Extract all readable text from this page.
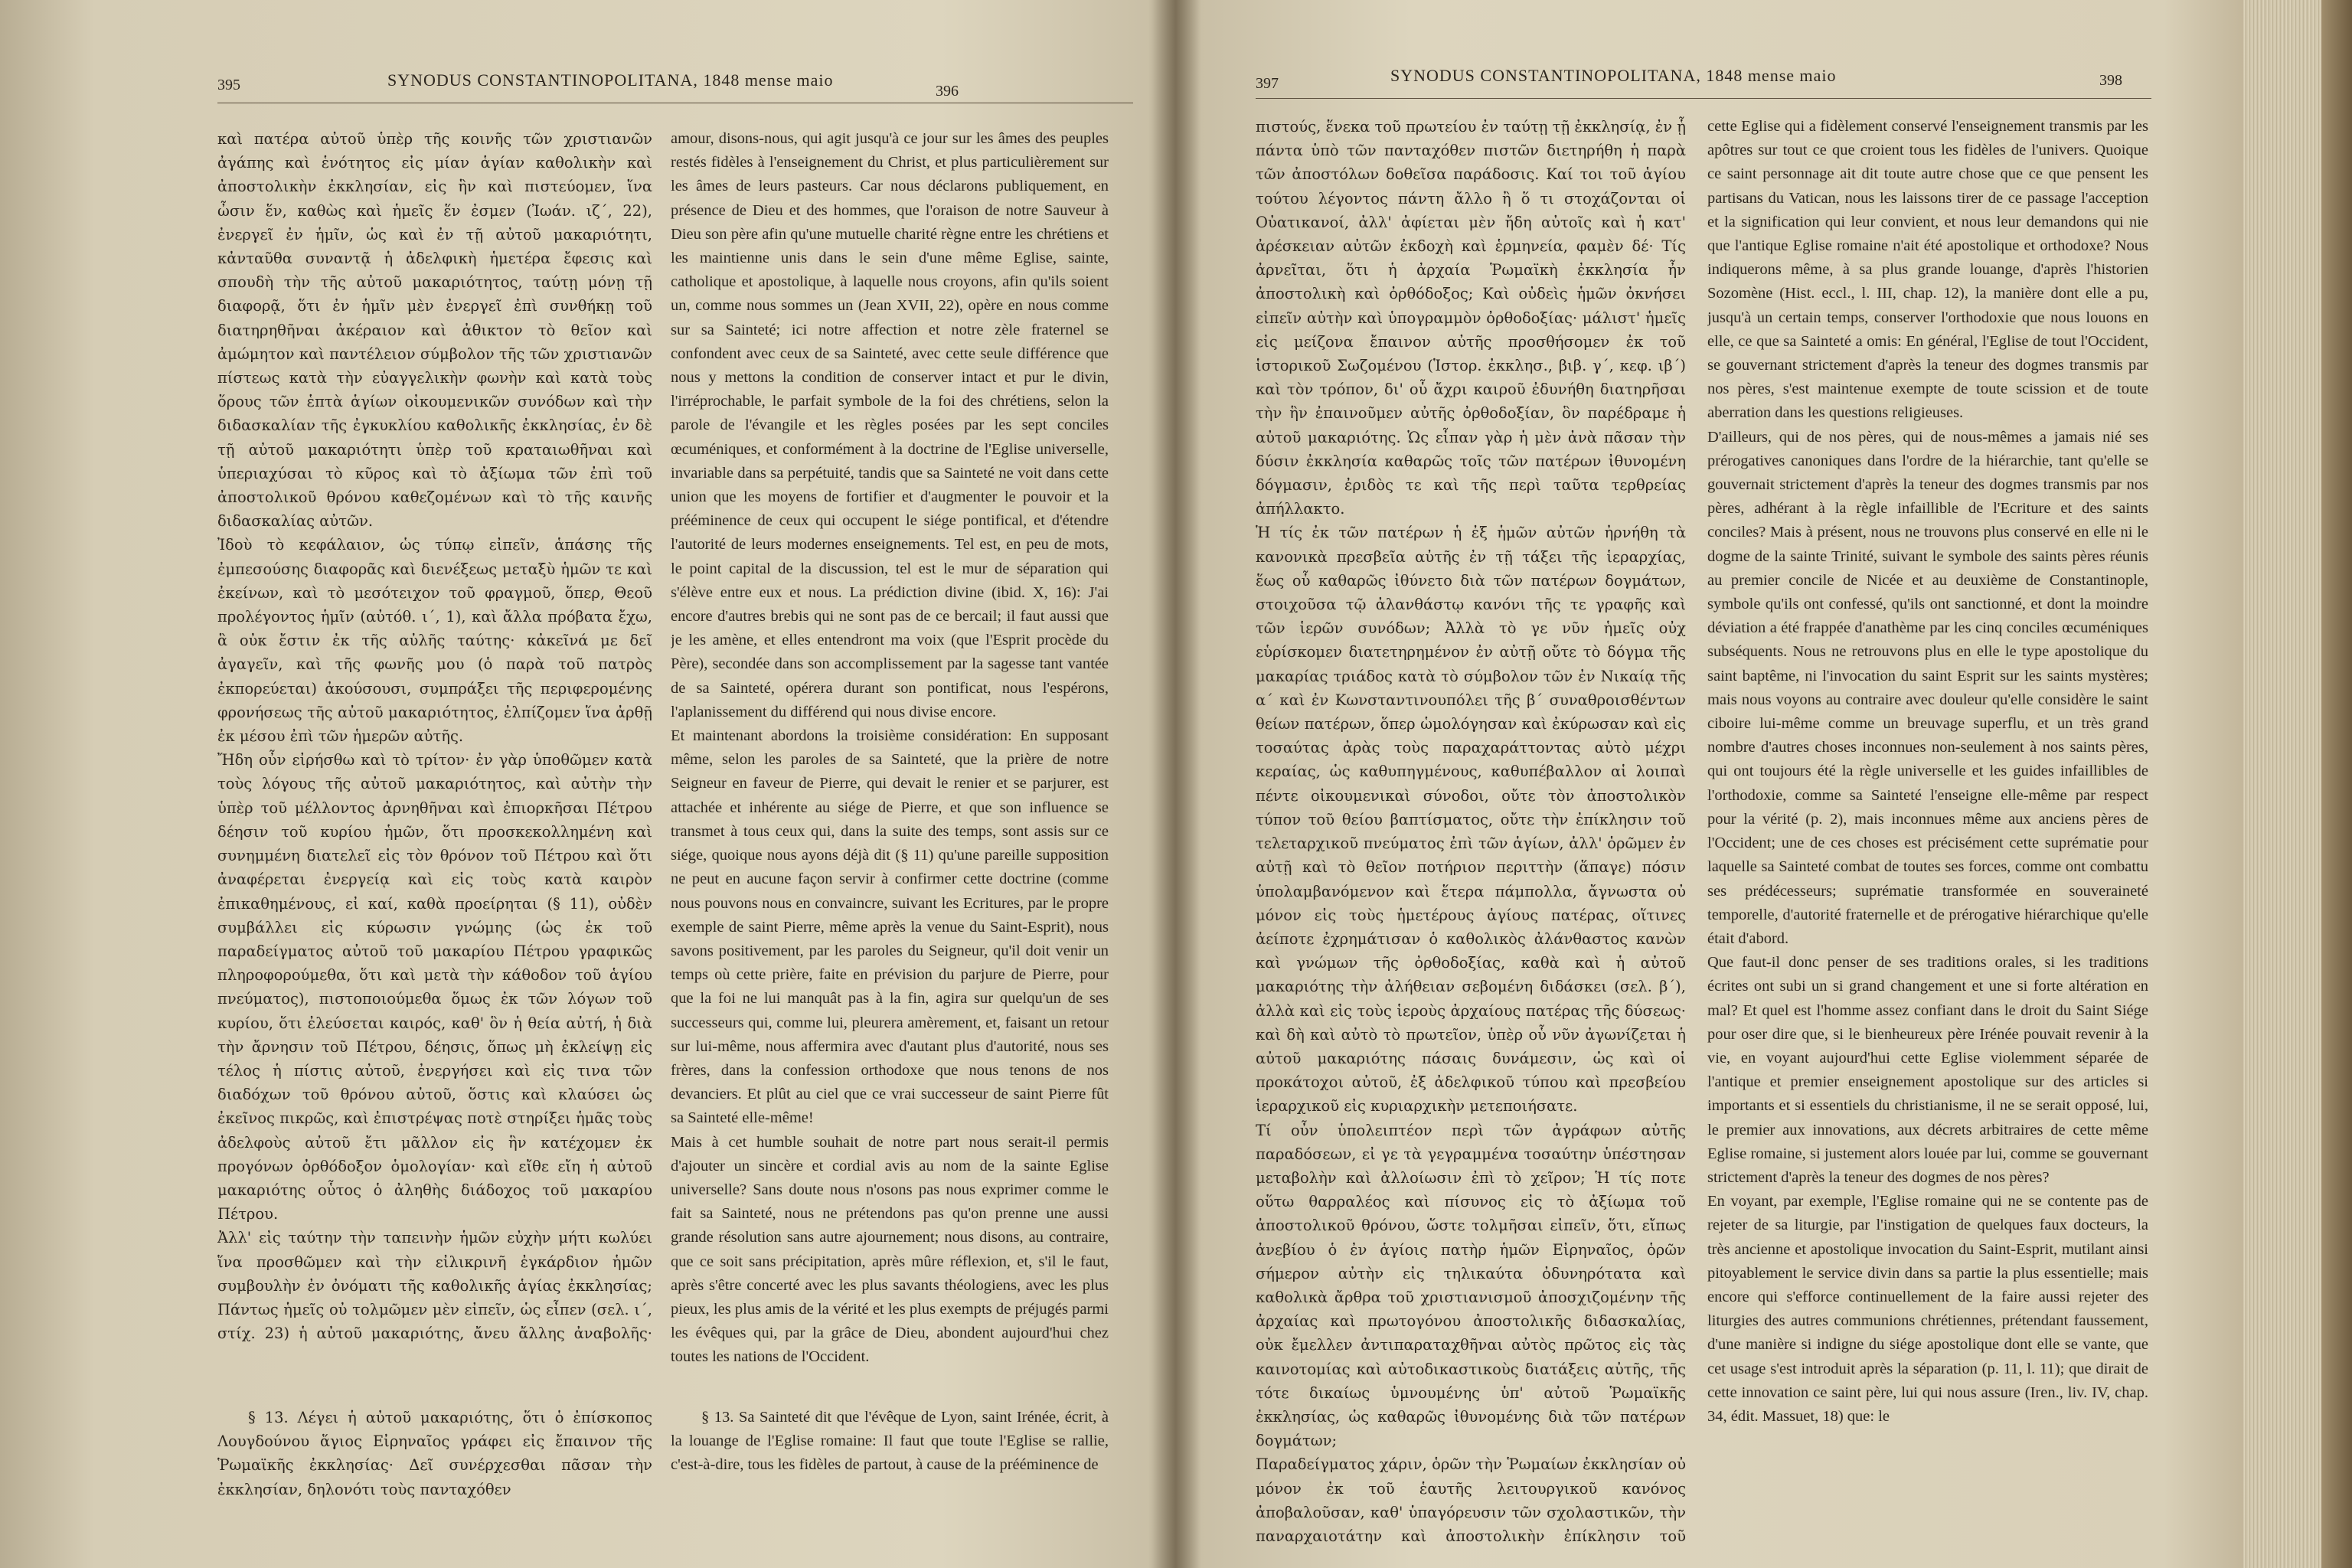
395	SYNODUS CONSTANTINOPOLITANA, 1848 mense maio
396

καὶ πατέρα αὐτοῦ ὑπὲρ τῆς κοινῆς τῶν χριστιανῶν ἀγάπης καὶ ἑνότητος εἰς μίαν ἁγίαν καθολικὴν καὶ ἀποστολικὴν ἐκκλησίαν, εἰς ἣν καὶ πιστεύομεν, ἵνα ὦσιν ἕν, καθὼς καὶ ἡμεῖς ἕν ἐσμεν (Ἰωάν. ιζ΄, 22), ἐνεργεῖ ἐν ἡμῖν, ὡς καὶ ἐν τῇ αὐτοῦ μακαριότητι, κἀνταῦθα συναντᾷ ἡ ἀδελφικὴ ἡμετέρα ἔφεσις καὶ σπουδὴ τὴν τῆς αὐτοῦ μακαριότητος, ταύτῃ μόνῃ τῇ διαφορᾷ, ὅτι ἐν ἡμῖν μὲν ἐνεργεῖ ἐπὶ συνθήκῃ τοῦ διατηρηθῆναι ἀκέραιον καὶ ἀθικτον τὸ θεῖον καὶ ἀμώμητον καὶ παντέλειον σύμβολον τῆς τῶν χριστιανῶν πίστεως κατὰ τὴν εὐαγγελικὴν φωνὴν καὶ κατὰ τοὺς ὅρους τῶν ἑπτὰ ἁγίων οἰκουμενικῶν συνόδων καὶ τὴν διδασκαλίαν τῆς ἐγκυκλίου καθολικῆς ἐκκλησίας, ἐν δὲ τῇ αὐτοῦ μακαριότητι ὑπὲρ τοῦ κραταιωθῆναι καὶ ὑπεριαχύσαι τὸ κῦρος καὶ τὸ ἀξίωμα τῶν ἐπὶ τοῦ ἀποστολικοῦ θρόνου καθεζομένων καὶ τὸ τῆς καινῆς διδασκαλίας αὐτῶν.

Ἰδοὺ τὸ κεφάλαιον, ὡς τύπῳ εἰπεῖν, ἁπάσης τῆς ἐμπεσούσης διαφορᾶς καὶ διενέξεως μεταξὺ ἡμῶν τε καὶ ἐκείνων, καὶ τὸ μεσότειχον τοῦ φραγμοῦ, ὅπερ, Θεοῦ προλέγοντος ἡμῖν (αὐτόθ. ι΄, 1), καὶ ἄλλα πρόβατα ἔχω, ἃ οὐκ ἔστιν ἐκ τῆς αὐλῆς ταύτης· κἀκεῖνά με δεῖ ἀγαγεῖν, καὶ τῆς φωνῆς μου (ὁ παρὰ τοῦ πατρὸς ἐκπορεύεται) ἀκούσουσι, συμπράξει τῆς περιφερομένης φρονήσεως τῆς αὐτοῦ μακαριότητος, ἐλπίζομεν ἵνα ἀρθῇ ἐκ μέσου ἐπὶ τῶν ἡμερῶν αὐτῆς.

Ἤδη οὖν εἰρήσθω καὶ τὸ τρίτον· ἐν γὰρ ὑποθῶμεν κατὰ τοὺς λόγους τῆς αὐτοῦ μακαριότητος, καὶ αὐτὴν τὴν ὑπὲρ τοῦ μέλλοντος ἀρνηθῆναι καὶ ἐπιορκῆσαι Πέτρου δέησιν τοῦ κυρίου ἡμῶν, ὅτι προσκεκολλημένη καὶ συνημμένη διατελεῖ εἰς τὸν θρόνον τοῦ Πέτρου καὶ ὅτι ἀναφέρεται ἐνεργείᾳ καὶ εἰς τοὺς κατὰ καιρὸν ἐπικαθημένους, εἰ καί, καθὰ προείρηται (§ 11), οὐδὲν συμβάλλει εἰς κύρωσιν γνώμης (ὡς ἐκ τοῦ παραδείγματος αὐτοῦ τοῦ μακαρίου Πέτρου γραφικῶς πληροφορούμεθα, ὅτι καὶ μετὰ τὴν κάθοδον τοῦ ἁγίου πνεύματος), πιστοποιούμεθα ὅμως ἐκ τῶν λόγων τοῦ κυρίου, ὅτι ἐλεύσεται καιρός, καθ' ὃν ἡ θεία αὐτή, ἡ διὰ τὴν ἄρνησιν τοῦ Πέτρου, δέησις, ὅπως μὴ ἐκλείψῃ εἰς τέλος ἡ πίστις αὐτοῦ, ἐνεργήσει καὶ εἰς τινα τῶν διαδόχων τοῦ θρόνου αὐτοῦ, ὅστις καὶ κλαύσει ὡς ἐκεῖνος πικρῶς, καὶ ἐπιστρέψας ποτὲ στηρίξει ἡμᾶς τοὺς ἀδελφοὺς αὐτοῦ ἔτι μᾶλλον εἰς ἣν κατέχομεν ἐκ προγόνων ὀρθόδοξον ὁμολογίαν· καὶ εἴθε εἴη ἡ αὐτοῦ μακαριότης οὗτος ὁ ἀληθὴς διάδοχος τοῦ μακαρίου Πέτρου.

Ἀλλ' εἰς ταύτην τὴν ταπεινὴν ἡμῶν εὐχὴν μήτι κωλύει ἵνα προσθῶμεν καὶ τὴν εἰλικρινῆ ἐγκάρδιον ἡμῶν συμβουλὴν ἐν ὀνόματι τῆς καθολικῆς ἁγίας ἐκκλησίας; Πάντως ἡμεῖς οὐ τολμῶμεν μὲν εἰπεῖν, ὡς εἶπεν (σελ. ι΄, στίχ. 23) ἡ αὐτοῦ μακαριότης, ἄνευ ἄλλης ἀναβολῆς·

amour, disons-nous, qui agit jusqu'à ce jour sur les âmes des peuples restés fidèles à l'enseignement du Christ, et plus particulièrement sur les âmes de leurs pasteurs. Car nous déclarons publiquement, en présence de Dieu et des hommes, que l'oraison de notre Sauveur à Dieu son père afin qu'une mutuelle charité règne entre les chrétiens et les maintienne unis dans le sein d'une même Eglise, sainte, catholique et apostolique, à laquelle nous croyons, afin qu'ils soient un, comme nous sommes un (Jean XVII, 22), opère en nous comme sur sa Sainteté; ici notre affection et notre zèle fraternel se confondent avec ceux de sa Sainteté, avec cette seule différence que nous y mettons la condition de conserver intact et pur le divin, l'irréprochable, le parfait symbole de la foi des chrétiens, selon la parole de l'évangile et les règles posées par les sept conciles œcuméniques, et conformément à la doctrine de l'Eglise universelle, invariable dans sa perpétuité, tandis que sa Sainteté ne voit dans cette union que les moyens de fortifier et d'augmenter le pouvoir et la prééminence de ceux qui occupent le siége pontifical, et d'étendre l'autorité de leurs modernes enseignements. Tel est, en peu de mots, le point capital de la discussion, tel est le mur de séparation qui s'élève entre eux et nous. La prédiction divine (ibid. X, 16): J'ai encore d'autres brebis qui ne sont pas de ce bercail; il faut aussi que je les amène, et elles entendront ma voix (que l'Esprit procède du Père), secondée dans son accomplissement par la sagesse tant vantée de sa Sainteté, opérera durant son pontificat, nous l'espérons, l'aplanissement du différend qui nous divise encore.

Et maintenant abordons la troisième considération: En supposant même, selon les paroles de sa Sainteté, que la prière de notre Seigneur en faveur de Pierre, qui devait le renier et se parjurer, est attachée et inhérente au siége de Pierre, et que son influence se transmet à tous ceux qui, dans la suite des temps, sont assis sur ce siége, quoique nous ayons déjà dit (§ 11) qu'une pareille supposition ne peut en aucune façon servir à confirmer cette doctrine (comme nous pouvons nous en convaincre, suivant les Ecritures, par le propre exemple de saint Pierre, même après la venue du Saint-Esprit), nous savons positivement, par les paroles du Seigneur, qu'il doit venir un temps où cette prière, faite en prévision du parjure de Pierre, pour que la foi ne lui manquât pas à la fin, agira sur quelqu'un de ses successeurs qui, comme lui, pleurera amèrement, et, faisant un retour sur lui-même, nous affermira avec d'autant plus d'autorité, nous ses frères, dans la confession orthodoxe que nous tenons de nos devanciers. Et plût au ciel que ce vrai successeur de saint Pierre fût sa Sainteté elle-même!

Mais à cet humble souhait de notre part nous serait-il permis d'ajouter un sincère et cordial avis au nom de la sainte Eglise universelle? Sans doute nous n'osons pas nous exprimer comme le fait sa Sainteté, nous ne prétendons pas qu'on prenne une aussi grande résolution sans autre ajournement; nous disons, au contraire, que ce soit sans précipitation, après mûre réflexion, et, s'il le faut, après s'être concerté avec les plus savants théologiens, avec les plus pieux, les plus amis de la vérité et les plus exempts de préjugés parmi les évêques qui, par la grâce de Dieu, abondent aujourd'hui chez toutes les nations de l'Occident.

§ 13. Λέγει ἡ αὐτοῦ μακαριότης, ὅτι ὁ ἐπίσκοπος Λουγδούνου ἅγιος Εἰρηναῖος γράφει εἰς ἔπαινον τῆς Ῥωμαϊκῆς ἐκκλησίας· Δεῖ συνέρχεσθαι πᾶσαν τὴν ἐκκλησίαν, δηλονότι τοὺς πανταχόθεν

§ 13. Sa Sainteté dit que l'évêque de Lyon, saint Irénée, écrit, à la louange de l'Eglise romaine: Il faut que toute l'Eglise se rallie, c'est-à-dire, tous les fidèles de partout, à cause de la prééminence de

397	SYNODUS CONSTANTINOPOLITANA, 1848 mense maio	398

πιστούς, ἕνεκα τοῦ πρωτείου ἐν ταύτῃ τῇ ἐκκλησίᾳ, ἐν ᾗ πάντα ὑπὸ τῶν πανταχόθεν πιστῶν διετηρήθη ἡ παρὰ τῶν ἀποστόλων δοθεῖσα παράδοσις. Καί τοι τοῦ ἁγίου τούτου λέγοντος πάντη ἄλλο ἢ ὅ τι στοχάζονται οἱ Οὐατικανοί, ἀλλ' ἀφίεται μὲν ἤδη αὐτοῖς καὶ ἡ κατ' ἀρέσκειαν αὐτῶν ἐκδοχὴ καὶ ἑρμηνεία, φαμὲν δέ· Τίς ἀρνεῖται, ὅτι ἡ ἀρχαία Ῥωμαϊκὴ ἐκκλησία ἦν ἀποστολικὴ καὶ ὀρθόδοξος; Καὶ οὐδεὶς ἡμῶν ὀκνήσει εἰπεῖν αὐτὴν καὶ ὑπογραμμὸν ὀρθοδοξίας· μάλιστ' ἡμεῖς εἰς μείζονα ἔπαινον αὐτῆς προσθήσομεν ἐκ τοῦ ἱστορικοῦ Σωζομένου (Ἱστορ. ἐκκλησ., βιβ. γ΄, κεφ. ιβ΄) καὶ τὸν τρόπον, δι' οὗ ἄχρι καιροῦ ἐδυνήθη διατηρῆσαι τὴν ἣν ἐπαινοῦμεν αὐτῆς ὀρθοδοξίαν, ὃν παρέδραμε ἡ αὐτοῦ μακαριότης. Ὡς εἶπαν γὰρ ἡ μὲν ἀνὰ πᾶσαν τὴν δύσιν ἐκκλησία καθαρῶς τοῖς τῶν πατέρων ἰθυνομένη δόγμασιν, ἐριδὸς τε καὶ τῆς περὶ ταῦτα τερθρείας ἀπήλλακτο.

Ἡ τίς ἐκ τῶν πατέρων ἡ ἐξ ἡμῶν αὐτῶν ἠρνήθη τὰ κανονικὰ πρεσβεῖα αὐτῆς ἐν τῇ τάξει τῆς ἱεραρχίας, ἕως οὗ καθαρῶς ἰθύνετο διὰ τῶν πατέρων δογμάτων, στοιχοῦσα τῷ ἀλανθάστῳ κανόνι τῆς τε γραφῆς καὶ τῶν ἱερῶν συνόδων; Ἀλλὰ τὸ γε νῦν ἡμεῖς οὐχ εὑρίσκομεν διατετηρημένον ἐν αὐτῇ οὔτε τὸ δόγμα τῆς μακαρίας τριάδος κατὰ τὸ σύμβολον τῶν ἐν Νικαίᾳ τῆς α΄ καὶ ἐν Κωνσταντινουπόλει τῆς β΄ συναθροισθέντων θείων πατέρων, ὅπερ ὡμολόγησαν καὶ ἐκύρωσαν καὶ εἰς τοσαύτας ἀρὰς τοὺς παραχαράττοντας αὐτὸ μέχρι κεραίας, ὡς καθυπηγμένους, καθυπέβαλλον αἱ λοιπαὶ πέντε οἰκουμενικαὶ σύνοδοι, οὔτε τὸν ἀποστολικὸν τύπον τοῦ θείου βαπτίσματος, οὔτε τὴν ἐπίκλησιν τοῦ τελεταρχικοῦ πνεύματος ἐπὶ τῶν ἁγίων, ἀλλ' ὁρῶμεν ἐν αὐτῇ καὶ τὸ θεῖον ποτήριον περιττὴν (ἅπαγε) πόσιν ὑπολαμβανόμενον καὶ ἕτερα πάμπολλα, ἄγνωστα οὐ μόνον εἰς τοὺς ἡμετέρους ἁγίους πατέρας, οἵτινες ἀείποτε ἐχρημάτισαν ὁ καθολικὸς ἀλάνθαστος κανὼν καὶ γνώμων τῆς ὀρθοδοξίας, καθὰ καὶ ἡ αὐτοῦ μακαριότης τὴν ἀλήθειαν σεβομένη διδάσκει (σελ. β΄), ἀλλὰ καὶ εἰς τοὺς ἱεροὺς ἀρχαίους πατέρας τῆς δύσεως· καὶ δὴ καὶ αὐτὸ τὸ πρωτεῖον, ὑπὲρ οὗ νῦν ἀγωνίζεται ἡ αὐτοῦ μακαριότης πάσαις δυνάμεσιν, ὡς καὶ οἱ προκάτοχοι αὐτοῦ, ἐξ ἀδελφικοῦ τύπου καὶ πρεσβείου ἱεραρχικοῦ εἰς κυριαρχικὴν μετεποιήσατε.

Τί οὖν ὑπολειπτέον περὶ τῶν ἀγράφων αὐτῆς παραδόσεων, εἰ γε τὰ γεγραμμένα τοσαύτην ὑπέστησαν μεταβολὴν καὶ ἀλλοίωσιν ἐπὶ τὸ χεῖρον; Ἡ τίς ποτε οὕτω θαρραλέος καὶ πίσυνος εἰς τὸ ἀξίωμα τοῦ ἀποστολικοῦ θρόνου, ὥστε τολμῆσαι εἰπεῖν, ὅτι, εἴπως ἀνεβίου ὁ ἐν ἁγίοις πατὴρ ἡμῶν Εἰρηναῖος, ὁρῶν σήμερον αὐτὴν εἰς τηλικαύτα ὀδυνηρότατα καὶ καθολικὰ ἄρθρα τοῦ χριστιανισμοῦ ἀποσχιζομένην τῆς ἀρχαίας καὶ πρωτογόνου ἀποστολικῆς διδασκαλίας, οὐκ ἔμελλεν ἀντιπαραταχθῆναι αὐτὸς πρῶτος εἰς τὰς καινοτομίας καὶ αὐτοδικαστικοὺς διατάξεις αὐτῆς, τῆς τότε δικαίως ὑμνουμένης ὑπ' αὐτοῦ Ῥωμαϊκῆς ἐκκλησίας, ὡς καθαρῶς ἰθυνομένης διὰ τῶν πατέρων δογμάτων;

Παραδείγματος χάριν, ὁρῶν τὴν Ῥωμαίων ἐκκλησίαν οὐ μόνον ἐκ τοῦ ἑαυτῆς λειτουργικοῦ κανόνος ἀποβαλοῦσαν, καθ' ὑπαγόρευσιν τῶν σχολαστικῶν, τὴν παναρχαιοτάτην καὶ ἀποστολικὴν ἐπίκλησιν τοῦ

cette Eglise qui a fidèlement conservé l'enseignement transmis par les apôtres sur tout ce que croient tous les fidèles de l'univers. Quoique ce saint personnage ait dit toute autre chose que ce que pensent les partisans du Vatican, nous les laissons tirer de ce passage l'acception et la signification qui leur convient, et nous leur demandons qui nie que l'antique Eglise romaine n'ait été apostolique et orthodoxe? Nous indiquerons même, à sa plus grande louange, d'après l'historien Sozomène (Hist. eccl., l. III, chap. 12), la manière dont elle a pu, jusqu'à un certain temps, conserver l'orthodoxie que nous louons en elle, ce que sa Sainteté a omis: En général, l'Eglise de tout l'Occident, se gouvernant strictement d'après la teneur des dogmes transmis par nos pères, s'est maintenue exempte de toute scission et de toute aberration dans les questions religieuses.

D'ailleurs, qui de nos pères, qui de nous-mêmes a jamais nié ses prérogatives canoniques dans l'ordre de la hiérarchie, tant qu'elle se gouvernait strictement d'après la teneur des dogmes transmis par nos pères, adhérant à la règle infaillible de l'Ecriture et des saints conciles? Mais à présent, nous ne trouvons plus conservé en elle ni le dogme de la sainte Trinité, suivant le symbole des saints pères réunis au premier concile de Nicée et au deuxième de Constantinople, symbole qu'ils ont confessé, qu'ils ont sanctionné, et dont la moindre déviation a été frappée d'anathème par les cinq conciles œcuméniques subséquents. Nous ne retrouvons plus en elle le type apostolique du saint baptême, ni l'invocation du saint Esprit sur les saints mystères; mais nous voyons au contraire avec douleur qu'elle considère le saint ciboire lui-même comme un breuvage superflu, et un très grand nombre d'autres choses inconnues non-seulement à nos saints pères, qui ont toujours été la règle universelle et les guides infaillibles de l'orthodoxie, comme sa Sainteté l'enseigne elle-même par respect pour la vérité (p. 2), mais inconnues même aux anciens pères de l'Occident; une de ces choses est précisément cette suprématie pour laquelle sa Sainteté combat de toutes ses forces, comme ont combattu ses prédécesseurs; suprématie transformée en souveraineté temporelle, d'autorité fraternelle et de prérogative hiérarchique qu'elle était d'abord.

Que faut-il donc penser de ses traditions orales, si les traditions écrites ont subi un si grand changement et une si forte altération en mal? Et quel est l'homme assez confiant dans le droit du Saint Siége pour oser dire que, si le bienheureux père Irénée pouvait revenir à la vie, en voyant aujourd'hui cette Eglise violemment séparée de l'antique et premier enseignement apostolique sur des articles si importants et si essentiels du christianisme, il ne se serait opposé, lui, le premier aux innovations, aux décrets arbitraires de cette même Eglise romaine, si justement alors louée par lui, comme se gouvernant strictement d'après la teneur des dogmes de nos pères?

En voyant, par exemple, l'Eglise romaine qui ne se contente pas de rejeter de sa liturgie, par l'instigation de quelques faux docteurs, la très ancienne et apostolique invocation du Saint-Esprit, mutilant ainsi pitoyablement le service divin dans sa partie la plus essentielle; mais encore qui s'efforce continuellement de la faire aussi rejeter des liturgies des autres communions chrétiennes, prétendant faussement, d'une manière si indigne du siége apostolique dont elle se vante, que cet usage s'est introduit après la séparation (p. 11, l. 11); que dirait de cette innovation ce saint père, lui qui nous assure (Iren., liv. IV, chap. 34, édit. Massuet, 18) que: le
